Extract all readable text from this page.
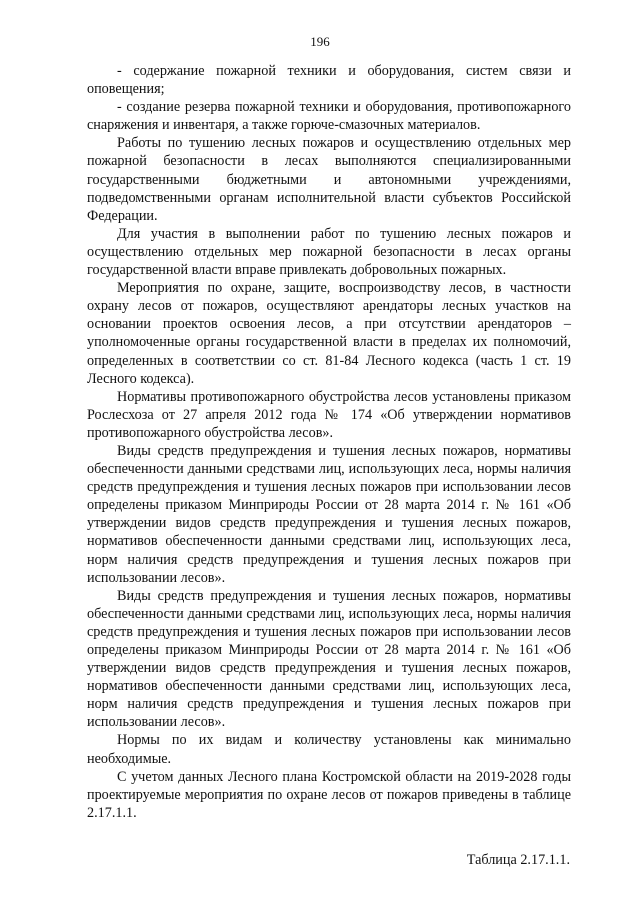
196

- содержание пожарной техники и оборудования, систем связи и оповещения;

- создание резерва пожарной техники и оборудования, противопожарного снаряжения и инвентаря, а также горюче-смазочных материалов.

Работы по тушению лесных пожаров и осуществлению отдельных мер пожарной безопасности в лесах выполняются специализированными государственными бюджетными и автономными учреждениями, подведомственными органам исполнительной власти субъектов Российской Федерации.

Для участия в выполнении работ по тушению лесных пожаров и осуществлению отдельных мер пожарной безопасности в лесах органы государственной власти вправе привлекать добровольных пожарных.

Мероприятия по охране, защите, воспроизводству лесов, в частности охрану лесов от пожаров, осуществляют арендаторы лесных участков на основании проектов освоения лесов, а при отсутствии арендаторов – уполномоченные органы государственной власти в пределах их полномочий, определенных в соответствии со ст. 81-84 Лесного кодекса (часть 1 ст. 19 Лесного кодекса).

Нормативы противопожарного обустройства лесов установлены приказом Рослесхоза от 27 апреля 2012 года № 174 «Об утверждении нормативов противопожарного обустройства лесов».

Виды средств предупреждения и тушения лесных пожаров, нормативы обеспеченности данными средствами лиц, использующих леса, нормы наличия средств предупреждения и тушения лесных пожаров при использовании лесов определены приказом Минприроды России от 28 марта 2014 г. № 161 «Об утверждении видов средств предупреждения и тушения лесных пожаров, нормативов обеспеченности данными средствами лиц, использующих леса, норм наличия средств предупреждения и тушения лесных пожаров при использовании лесов».

Виды средств предупреждения и тушения лесных пожаров, нормативы обеспеченности данными средствами лиц, использующих леса, нормы наличия средств предупреждения и тушения лесных пожаров при использовании лесов определены приказом Минприроды России от 28 марта 2014 г. № 161 «Об утверждении видов средств предупреждения и тушения лесных пожаров, нормативов обеспеченности данными средствами лиц, использующих леса, норм наличия средств предупреждения и тушения лесных пожаров при использовании лесов».

Нормы по их видам и количеству установлены как минимально необходимые.

С учетом данных Лесного плана Костромской области на 2019-2028 годы проектируемые мероприятия по охране лесов от пожаров приведены в таблице 2.17.1.1.

Таблица 2.17.1.1.
